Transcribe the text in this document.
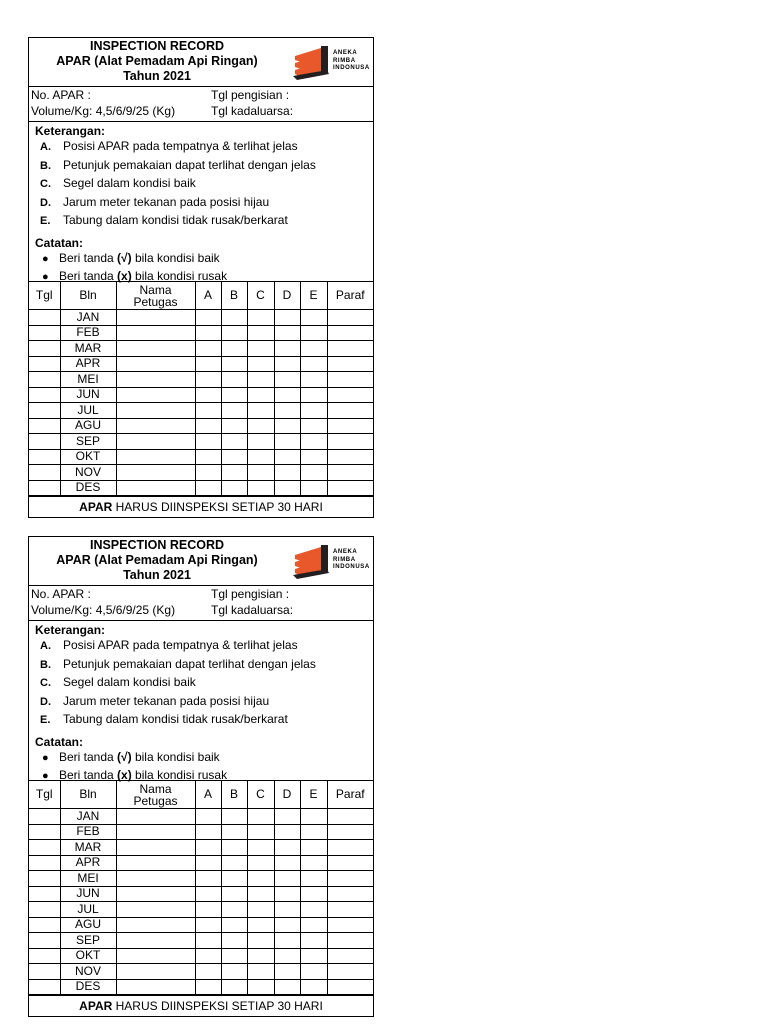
INSPECTION RECORD
APAR (Alat Pemadam Api Ringan)
Tahun 2021
ANEKA
RIMBA
INDONUSA
No. APAR :
Volume/Kg: 4,5/6/9/25 (Kg)
Tgl pengisian :
Tgl kadaluarsa:

Keterangan:

A. Posisi APAR pada tempatnya & terlihat jelas
B. Petunjuk pemakaian dapat terlihat dengan jelas
C. Segel dalam kondisi baik
D. Jarum meter tekanan pada posisi hijau
E. Tabung dalam kondisi tidak rusak/berkarat

Catatan:

● Beri tanda (√) bila kondisi baik
● Beri tanda (x) bila kondisi rusak
Tgl	Bln	Nama Petugas	A	B	C	D	E	Paraf
	JAN							
	FEB							
	MAR							
	APR							
	MEI							
	JUN							
	JUL							
	AGU							
	SEP							
	OKT							
	NOV							
	DES							
APAR HARUS DIINSPEKSI SETIAP 30 HARI
INSPECTION RECORD
APAR (Alat Pemadam Api Ringan)
Tahun 2021
ANEKA
RIMBA
INDONUSA
No. APAR :
Volume/Kg: 4,5/6/9/25 (Kg)
Tgl pengisian :
Tgl kadaluarsa:

Keterangan:

A. Posisi APAR pada tempatnya & terlihat jelas
B. Petunjuk pemakaian dapat terlihat dengan jelas
C. Segel dalam kondisi baik
D. Jarum meter tekanan pada posisi hijau
E. Tabung dalam kondisi tidak rusak/berkarat

Catatan:

● Beri tanda (√) bila kondisi baik
● Beri tanda (x) bila kondisi rusak
Tgl	Bln	Nama Petugas	A	B	C	D	E	Paraf
	JAN							
	FEB							
	MAR							
	APR							
	MEI							
	JUN							
	JUL							
	AGU							
	SEP							
	OKT							
	NOV							
	DES							
APAR HARUS DIINSPEKSI SETIAP 30 HARI
